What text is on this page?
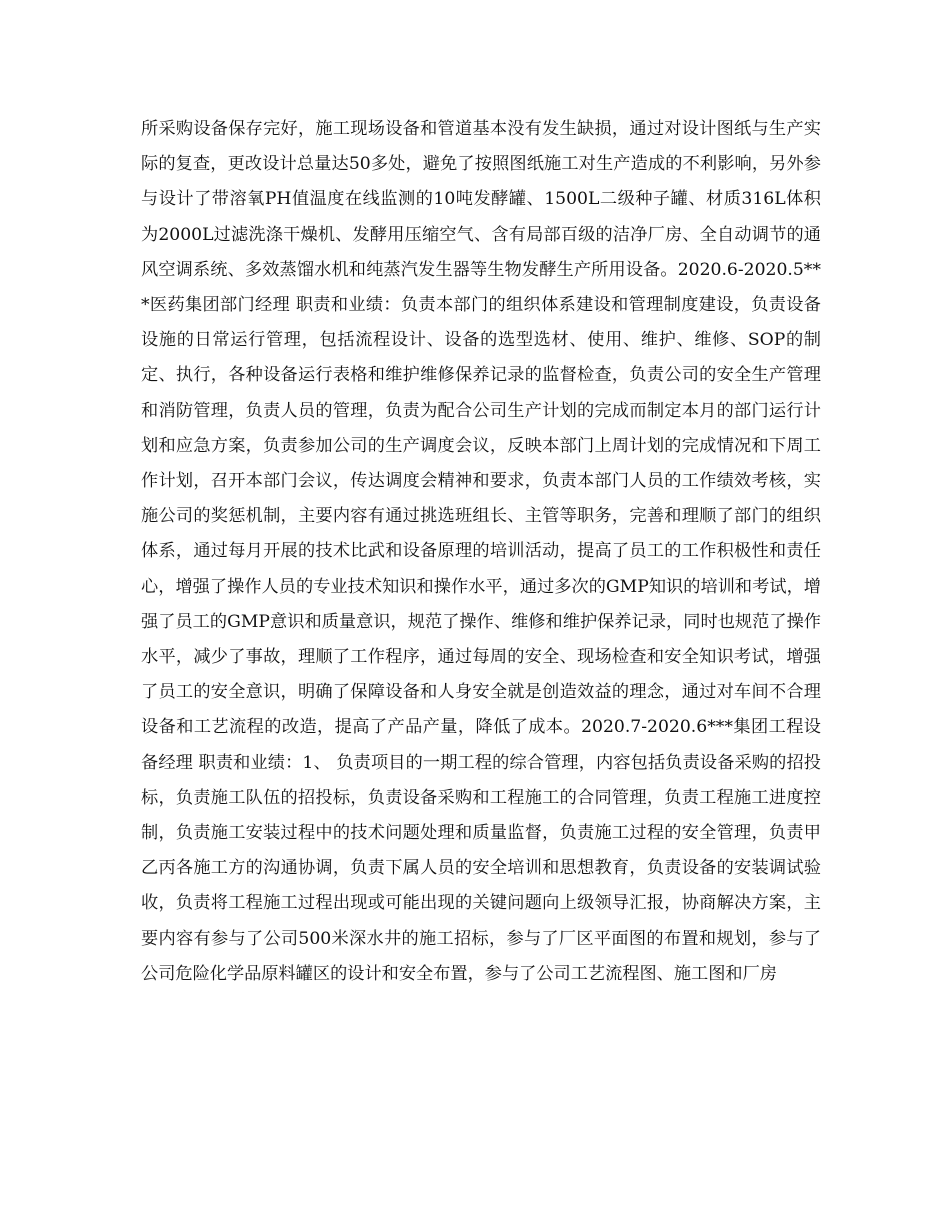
所采购设备保存完好，施工现场设备和管道基本没有发生缺损，通过对设计图纸与生产实际的复查，更改设计总量达50多处，避免了按照图纸施工对生产造成的不利影响，另外参与设计了带溶氧PH值温度在线监测的10吨发酵罐、1500L二级种子罐、材质316L体积为2000L过滤洗涤干燥机、发酵用压缩空气、含有局部百级的洁净厂房、全自动调节的通风空调系统、多效蒸馏水机和纯蒸汽发生器等生物发酵生产所用设备。2020.6-2020.5***医药集团部门经理 职责和业绩：负责本部门的组织体系建设和管理制度建设，负责设备设施的日常运行管理，包括流程设计、设备的选型选材、使用、维护、维修、SOP的制定、执行，各种设备运行表格和维护维修保养记录的监督检查，负责公司的安全生产管理和消防管理，负责人员的管理，负责为配合公司生产计划的完成而制定本月的部门运行计划和应急方案，负责参加公司的生产调度会议，反映本部门上周计划的完成情况和下周工作计划，召开本部门会议，传达调度会精神和要求，负责本部门人员的工作绩效考核，实施公司的奖惩机制，主要内容有通过挑选班组长、主管等职务，完善和理顺了部门的组织体系，通过每月开展的技术比武和设备原理的培训活动，提高了员工的工作积极性和责任心，增强了操作人员的专业技术知识和操作水平，通过多次的GMP知识的培训和考试，增强了员工的GMP意识和质量意识，规范了操作、维修和维护保养记录，同时也规范了操作水平，减少了事故，理顺了工作程序，通过每周的安全、现场检查和安全知识考试，增强了员工的安全意识，明确了保障设备和人身安全就是创造效益的理念，通过对车间不合理设备和工艺流程的改造，提高了产品产量，降低了成本。2020.7-2020.6***集团工程设备经理 职责和业绩：1、 负责项目的一期工程的综合管理，内容包括负责设备采购的招投标，负责施工队伍的招投标，负责设备采购和工程施工的合同管理，负责工程施工进度控制，负责施工安装过程中的技术问题处理和质量监督，负责施工过程的安全管理，负责甲乙丙各施工方的沟通协调，负责下属人员的安全培训和思想教育，负责设备的安装调试验收，负责将工程施工过程出现或可能出现的关键问题向上级领导汇报，协商解决方案，主要内容有参与了公司500米深水井的施工招标，参与了厂区平面图的布置和规划，参与了公司危险化学品原料罐区的设计和安全布置，参与了公司工艺流程图、施工图和厂房
